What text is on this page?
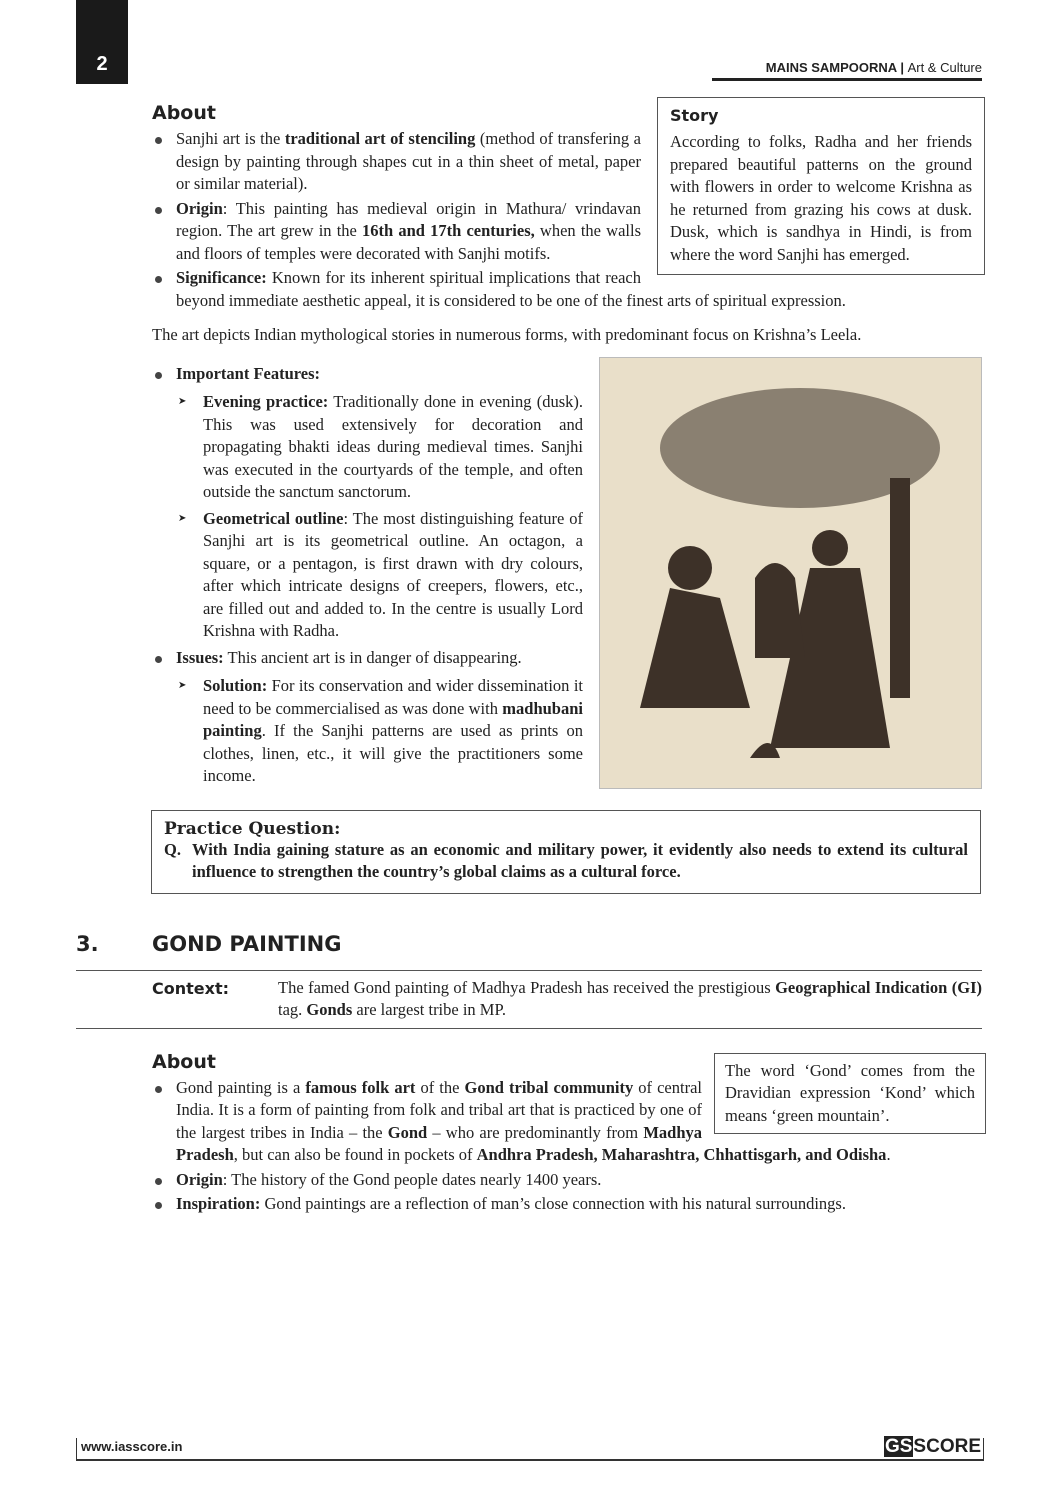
2	MAINS SAMPOORNA | Art & Culture
Story

According to folks, Radha and her friends prepared beautiful patterns on the ground with flowers in order to welcome Krishna as he returned from grazing his cows at dusk. Dusk, which is sandhya in Hindi, is from where the word Sanjhi has emerged.

About
Sanjhi art is the traditional art of stenciling (method of transfering a design by painting through shapes cut in a thin sheet of metal, paper or similar material).
Origin: This painting has medieval origin in Mathura/ vrindavan region. The art grew in the 16th and 17th centuries, when the walls and floors of temples were decorated with Sanjhi motifs.
Significance: Known for its inherent spiritual implications that reach beyond immediate aesthetic appeal, it is considered to be one of the finest arts of spiritual expression.

The art depicts Indian mythological stories in numerous forms, with predominant focus on Krishna’s Leela.

Important Features:
➤ Evening practice: Traditionally done in evening (dusk). This was used extensively for decoration and propagating bhakti ideas during medieval times. Sanjhi was executed in the courtyards of the temple, and often outside the sanctum sanctorum.
➤ Geometrical outline: The most distinguishing feature of Sanjhi art is its geometrical outline. An octagon, a square, or a pentagon, is first drawn with dry colours, after which intricate designs of creepers, flowers, etc., are filled out and added to. In the centre is usually Lord Krishna with Radha.
Issues: This ancient art is in danger of disappearing.
➤ Solution: For its conservation and wider dissemination it need to be commercialised as was done with madhubani painting. If the Sanjhi patterns are used as prints on clothes, linen, etc., it will give the practitioners some income.
Practice Question:

Q. With India gaining stature as an economic and military power, it evidently also needs to extend its cultural influence to strengthen the country’s global claims as a cultural force.

3.	GOND PAINTING
Context:	The famed Gond painting of Madhya Pradesh has received the prestigious Geographical Indication (GI) tag. Gonds are largest tribe in MP.

The word ‘Gond’ comes from the Dravidian expression ‘Kond’ which means ‘green mountain’.

About
Gond painting is a famous folk art of the Gond tribal community of central India. It is a form of painting from folk and tribal art that is practiced by one of the largest tribes in India – the Gond – who are predominantly from Madhya Pradesh, but can also be found in pockets of Andhra Pradesh, Maharashtra, Chhattisgarh, and Odisha.
Origin: The history of the Gond people dates nearly 1400 years.
Inspiration: Gond paintings are a reflection of man’s close connection with his natural surroundings.
www.iasscore.in	GSSCORE
